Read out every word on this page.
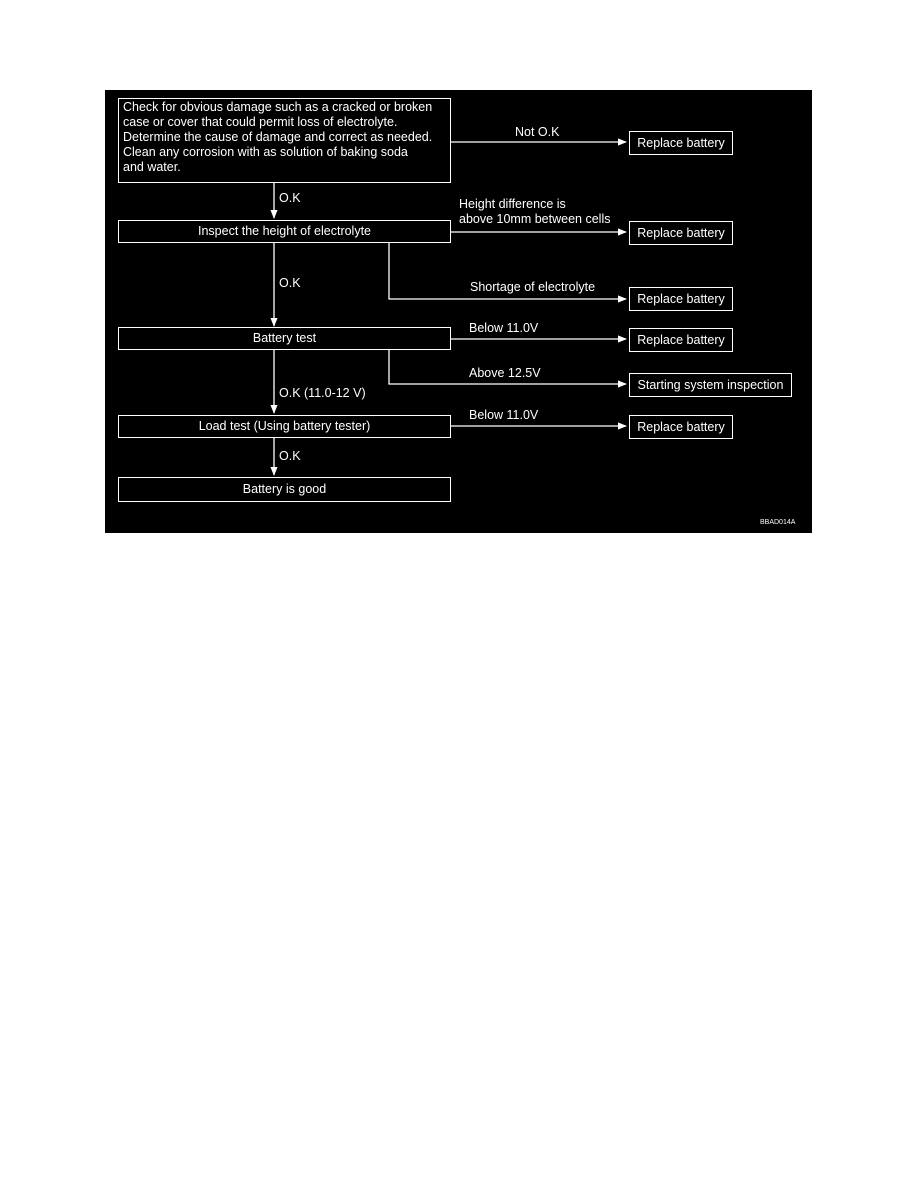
Check for obvious damage such as a cracked or broken
case or cover that could permit loss of electrolyte.
Determine the cause of damage and correct as needed.
Clean any corrosion with as solution of baking soda
and water.
Inspect the height of electrolyte
Battery test
Load test (Using battery tester)
Battery is good
Replace battery
Replace battery
Replace battery
Replace battery
Starting system inspection
Replace battery
Not O.K
O.K	Height difference is
above 10mm between cells
O.K	Shortage of electrolyte
Below 11.0V
Above 12.5V
O.K (11.0-12 V)
Below 11.0V
O.K
BBAD014A
